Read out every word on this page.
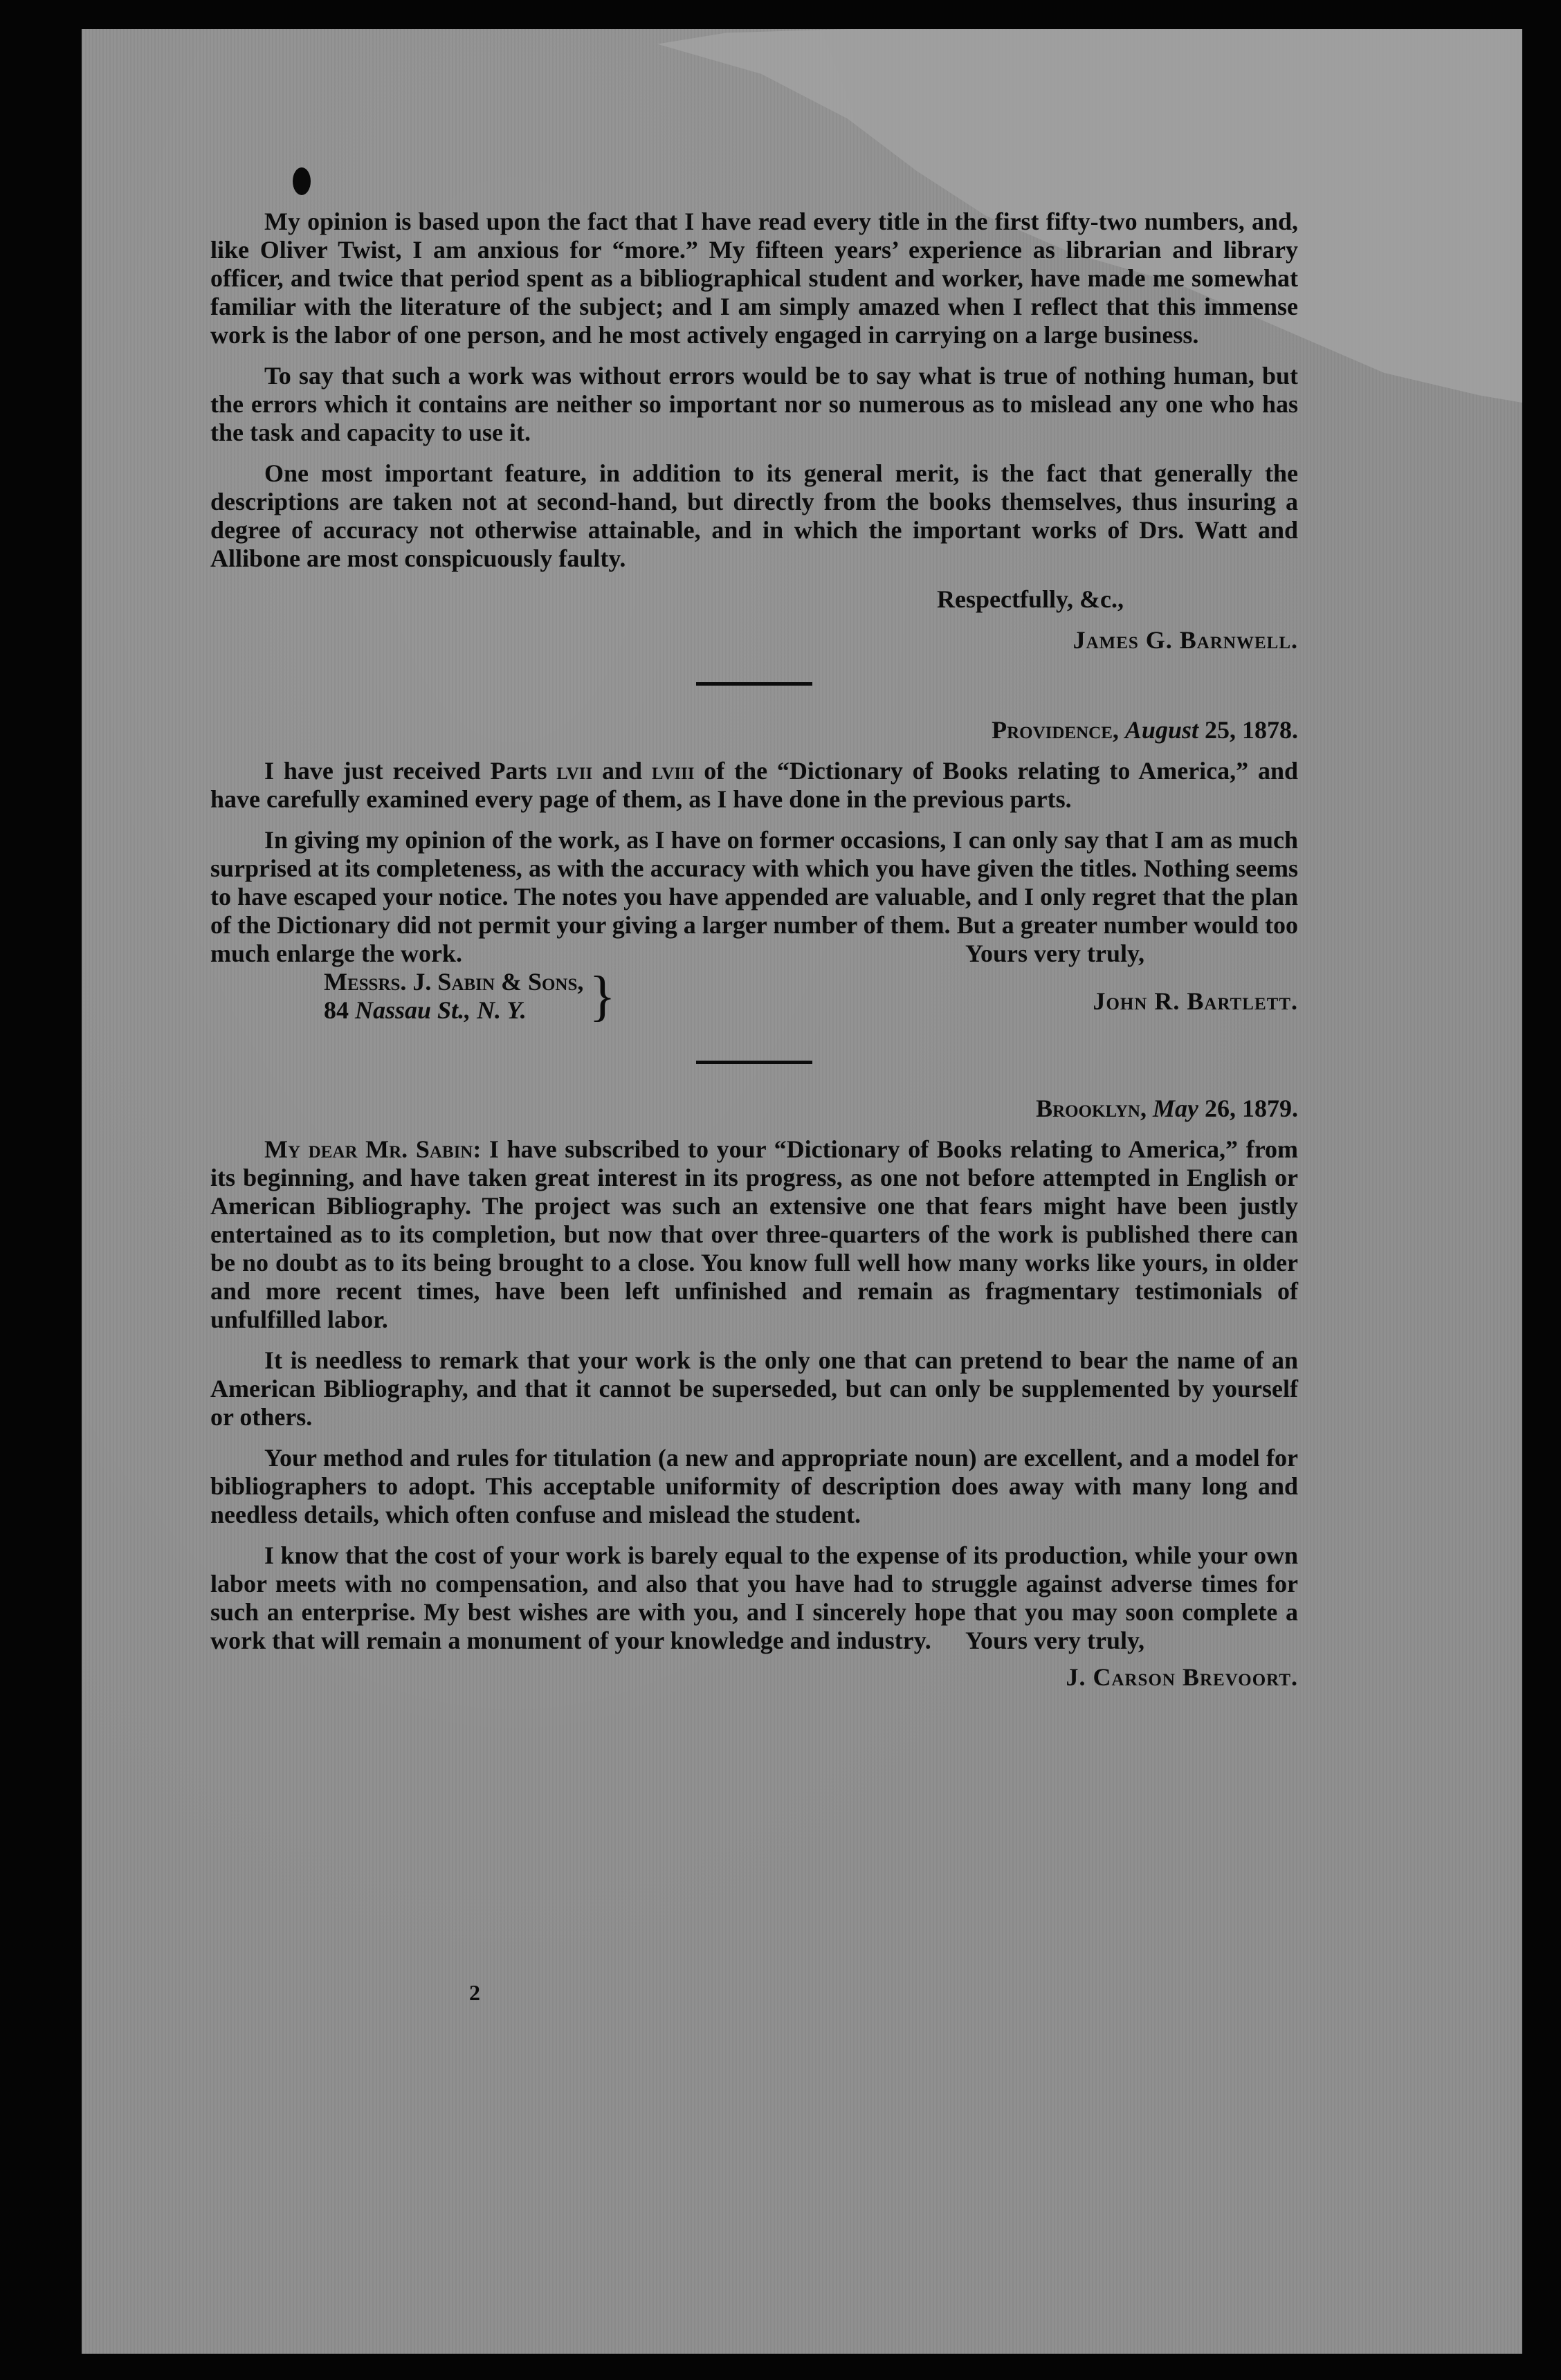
My opinion is based upon the fact that I have read every title in the first fifty-two numbers, and, like Oliver Twist, I am anxious for “more.” My fifteen years’ experience as librarian and library officer, and twice that period spent as a bibliographical student and worker, have made me somewhat familiar with the literature of the subject; and I am simply amazed when I reflect that this immense work is the labor of one person, and he most actively engaged in carrying on a large business.

To say that such a work was without errors would be to say what is true of nothing human, but the errors which it contains are neither so important nor so numerous as to mislead any one who has the task and capacity to use it.

One most important feature, in addition to its general merit, is the fact that generally the descriptions are taken not at second-hand, but directly from the books themselves, thus insuring a degree of accuracy not otherwise attainable, and in which the important works of Drs. Watt and Allibone are most conspicuously faulty.

Respectfully, &c.,
James G. Barnwell.
Providence, August 25, 1878.

I have just received Parts lvii and lviii of the “Dictionary of Books relating to America,” and have carefully examined every page of them, as I have done in the previous parts.

In giving my opinion of the work, as I have on former occasions, I can only say that I am as much surprised at its completeness, as with the accuracy with which you have given the titles. Nothing seems to have escaped your notice. The notes you have appended are valuable, and I only regret that the plan of the Dictionary did not permit your giving a larger number of them. But a greater number would too much enlarge the work.

Messrs. J. Sabin & Sons,
84 Nassau St., N. Y.	}
Yours very truly,
John R. Bartlett.
Brooklyn, May 26, 1879.

My dear Mr. Sabin: I have subscribed to your “Dictionary of Books relating to America,” from its beginning, and have taken great interest in its progress, as one not before attempted in English or American Bibliography. The project was such an extensive one that fears might have been justly entertained as to its completion, but now that over three-quarters of the work is published there can be no doubt as to its being brought to a close. You know full well how many works like yours, in older and more recent times, have been left unfinished and remain as fragmentary testimonials of unfulfilled labor.

It is needless to remark that your work is the only one that can pretend to bear the name of an American Bibliography, and that it cannot be superseded, but can only be supplemented by yourself or others.

Your method and rules for titulation (a new and appropriate noun) are excellent, and a model for bibliographers to adopt. This acceptable uniformity of description does away with many long and needless details, which often confuse and mislead the student.

I know that the cost of your work is barely equal to the expense of its production, while your own labor meets with no compensation, and also that you have had to struggle against adverse times for such an enterprise. My best wishes are with you, and I sincerely hope that you may soon complete a work that will remain a monument of your knowledge and industry.	Yours very truly,
J. Carson Brevoort.
2
